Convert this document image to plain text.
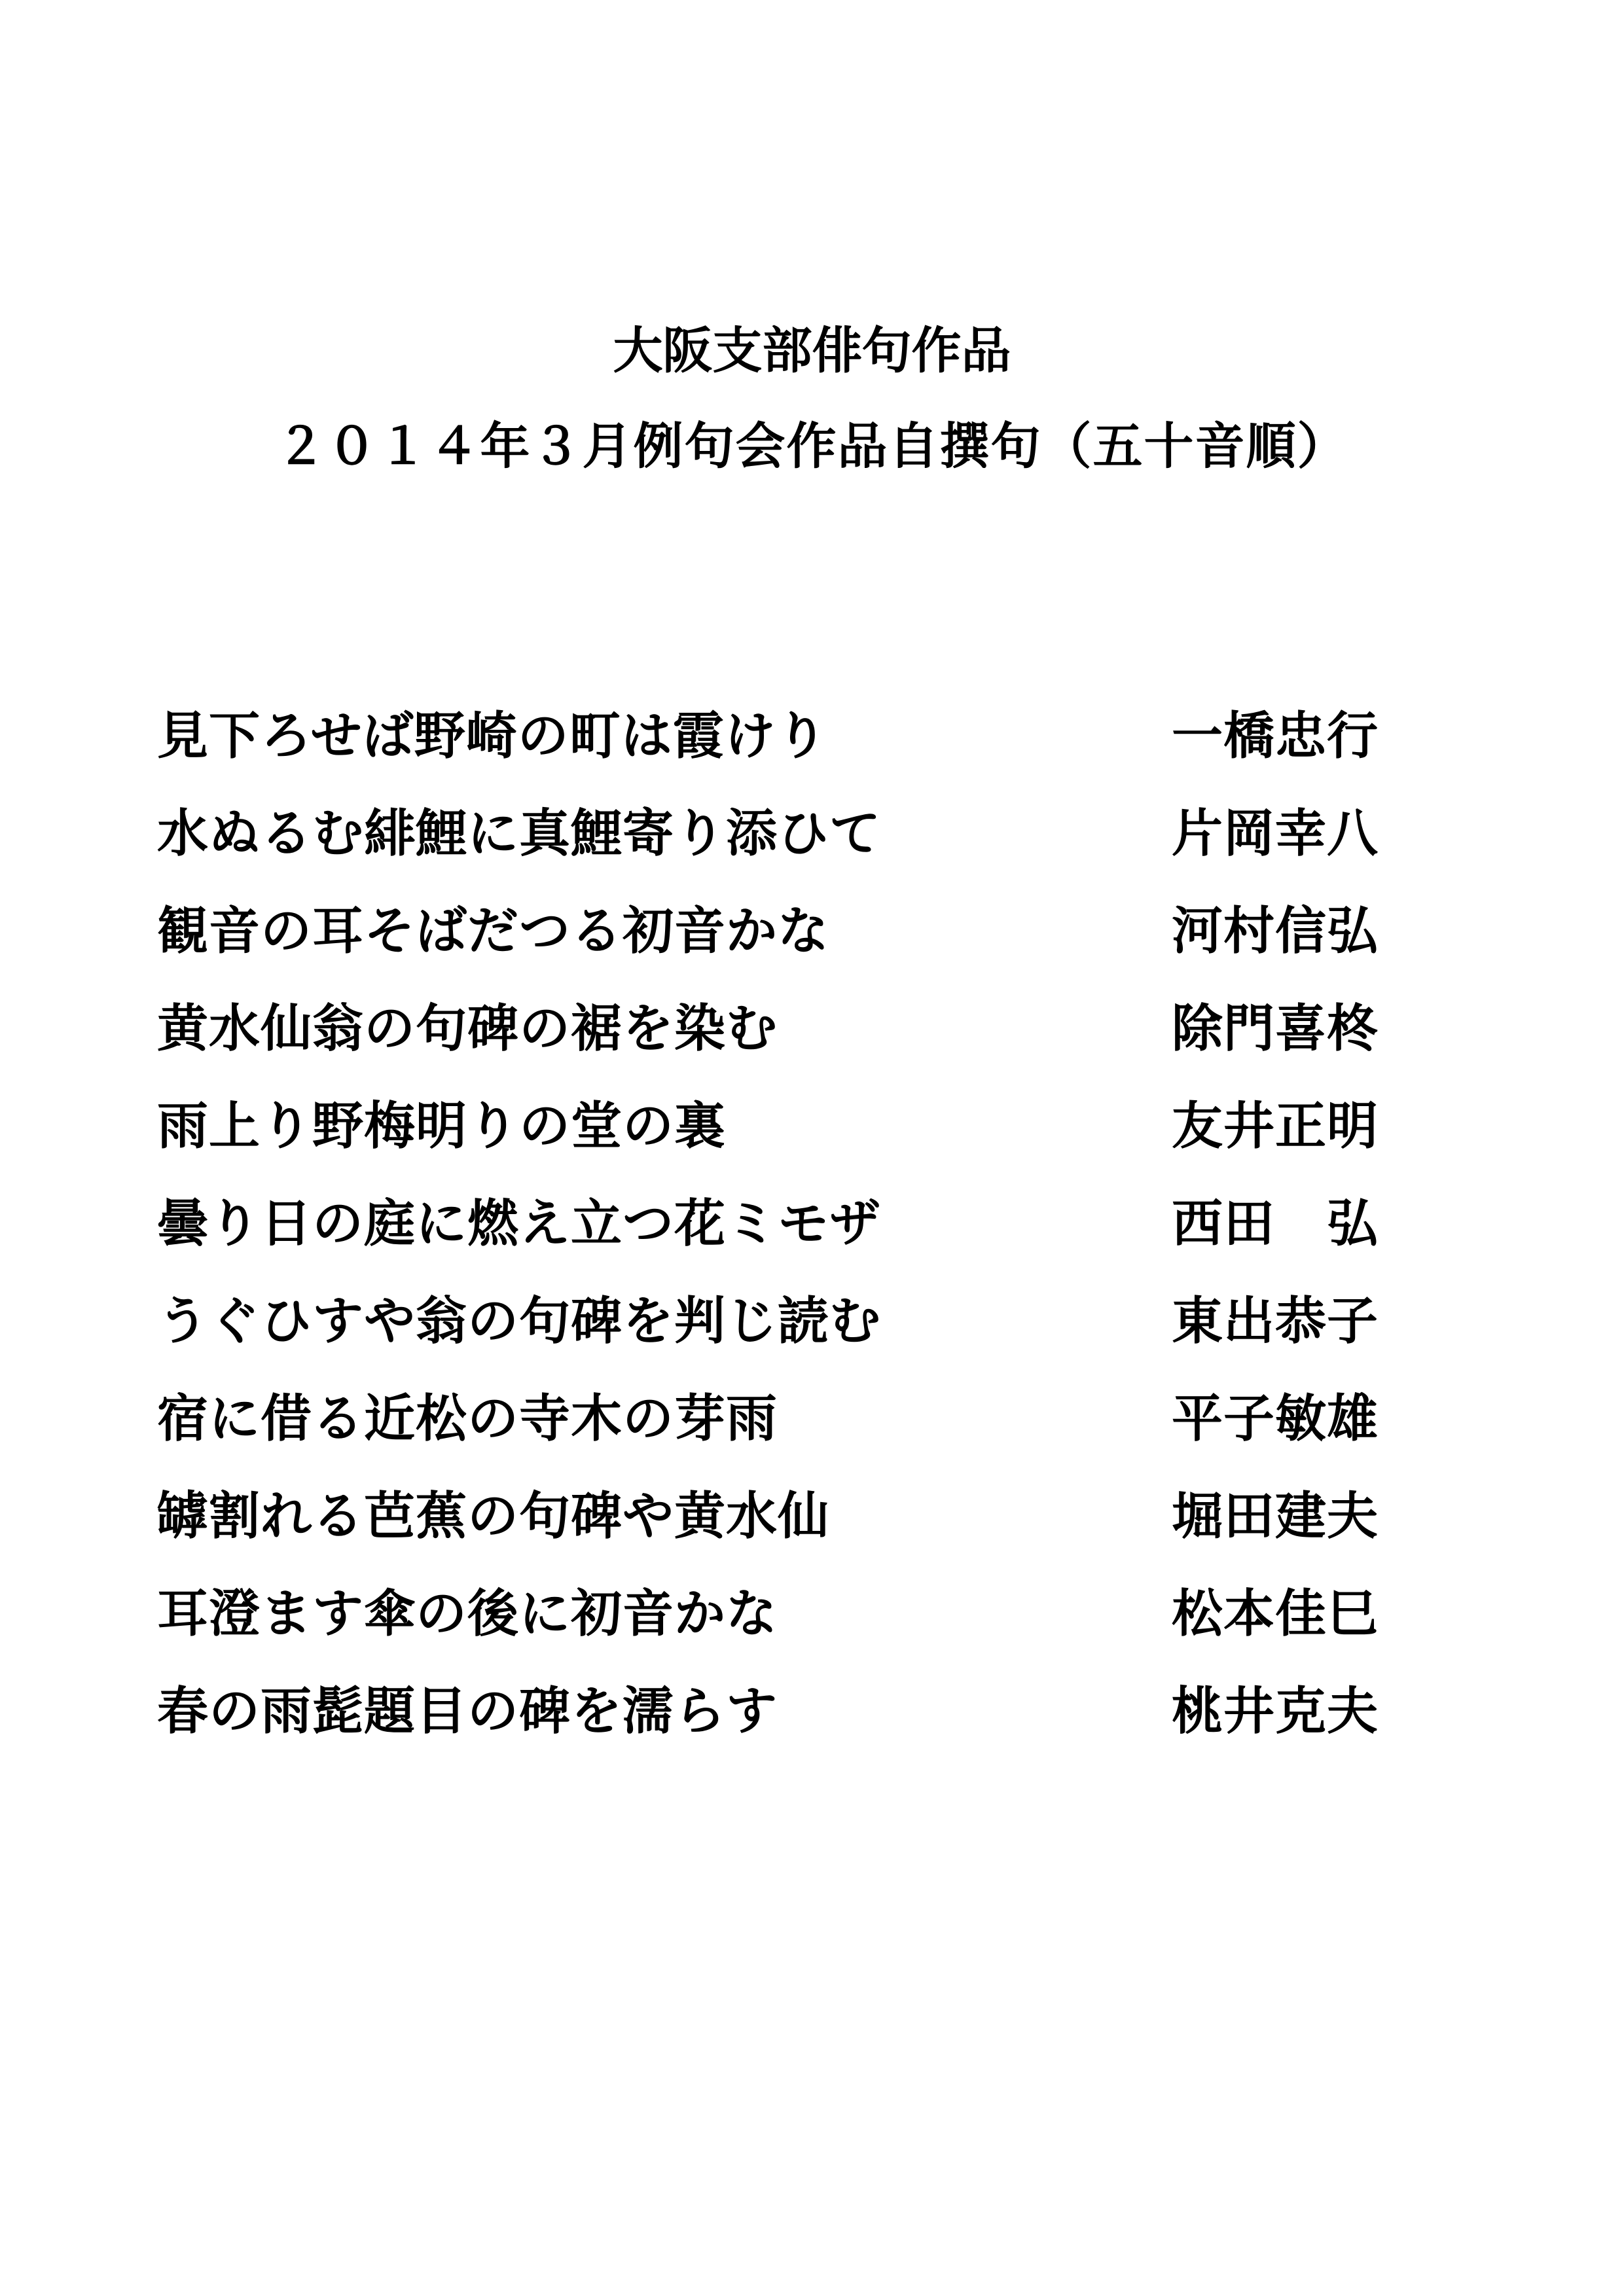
大阪支部俳句作品
２０１４年３月例句会作品自撰句（五十音順）
見下ろせば野崎の町は霞けり	一橋忠行
水ぬるむ緋鯉に真鯉寄り添ひて	片岡幸八
観音の耳そばだつる初音かな	河村信弘
黄水仙翁の句碑の裾を染む	除門喜柊
雨上り野梅明りの堂の裏	友井正明
曇り日の庭に燃え立つ花ミモザ	西田　弘
うぐひすや翁の句碑を判じ読む	東出恭子
宿に借る近松の寺木の芽雨	平子敏雄
罅割れる芭蕉の句碑や黄水仙	堀田建夫
耳澄ます傘の後に初音かな	松本佳巳
春の雨髭題目の碑を濡らす	桃井克夫
